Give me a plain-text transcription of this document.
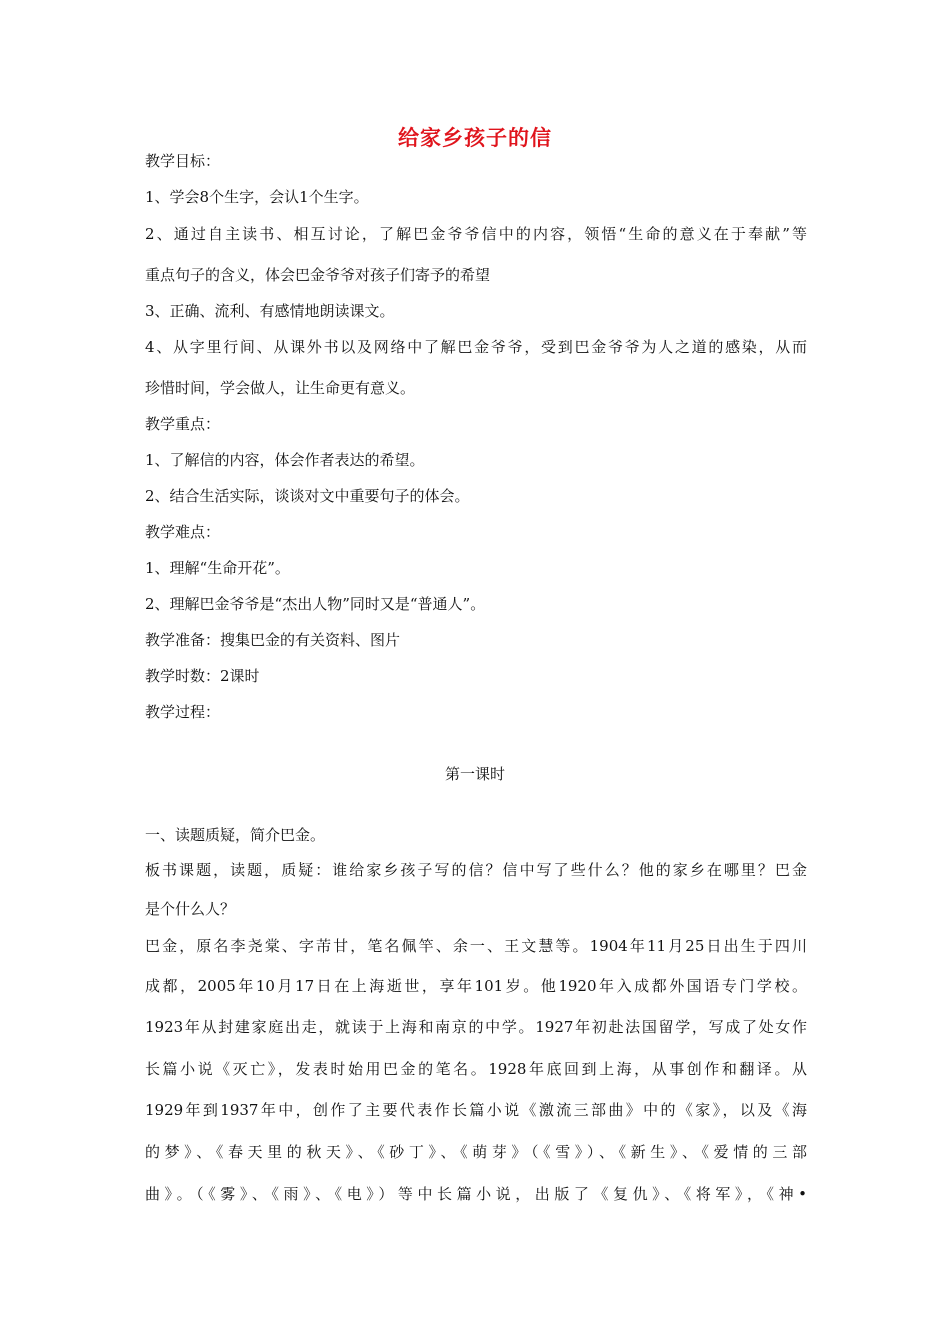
给家乡孩子的信
教学目标：
1、学会8个生字，会认1个生字。
2、通过自主读书、相互讨论，了解巴金爷爷信中的内容，领悟“生命的意义在于奉献”等
重点句子的含义，体会巴金爷爷对孩子们寄予的希望
3、正确、流利、有感情地朗读课文。
4、从字里行间、从课外书以及网络中了解巴金爷爷，受到巴金爷爷为人之道的感染，从而
珍惜时间，学会做人，让生命更有意义。
教学重点：
1、了解信的内容，体会作者表达的希望。
2、结合生活实际，谈谈对文中重要句子的体会。
教学难点：
1、理解“生命开花”。
2、理解巴金爷爷是“杰出人物”同时又是“普通人”。
教学准备：搜集巴金的有关资料、图片
教学时数：2课时
教学过程：
第一课时
一、读题质疑，简介巴金。
板书课题，读题，质疑：谁给家乡孩子写的信？信中写了些什么？他的家乡在哪里？巴金
是个什么人？
巴金，原名李尧棠、字芾甘，笔名佩竿、余一、王文慧等。1904年11月25日出生于四川
成都，2005年10月17日在上海逝世，享年101岁。他1920年入成都外国语专门学校。
1923年从封建家庭出走，就读于上海和南京的中学。1927年初赴法国留学，写成了处女作
长篇小说《灭亡》，发表时始用巴金的笔名。1928年底回到上海，从事创作和翻译。从
1929年到1937年中，创作了主要代表作长篇小说《激流三部曲》中的《家》，以及《海
的梦》、《春天里的秋天》、《砂丁》、《萌芽》（《雪》）、《新生》、《爱情的三部
曲》。（《雾》、《雨》、《电》）等中长篇小说，出版了《复仇》、《将军》，《神•
